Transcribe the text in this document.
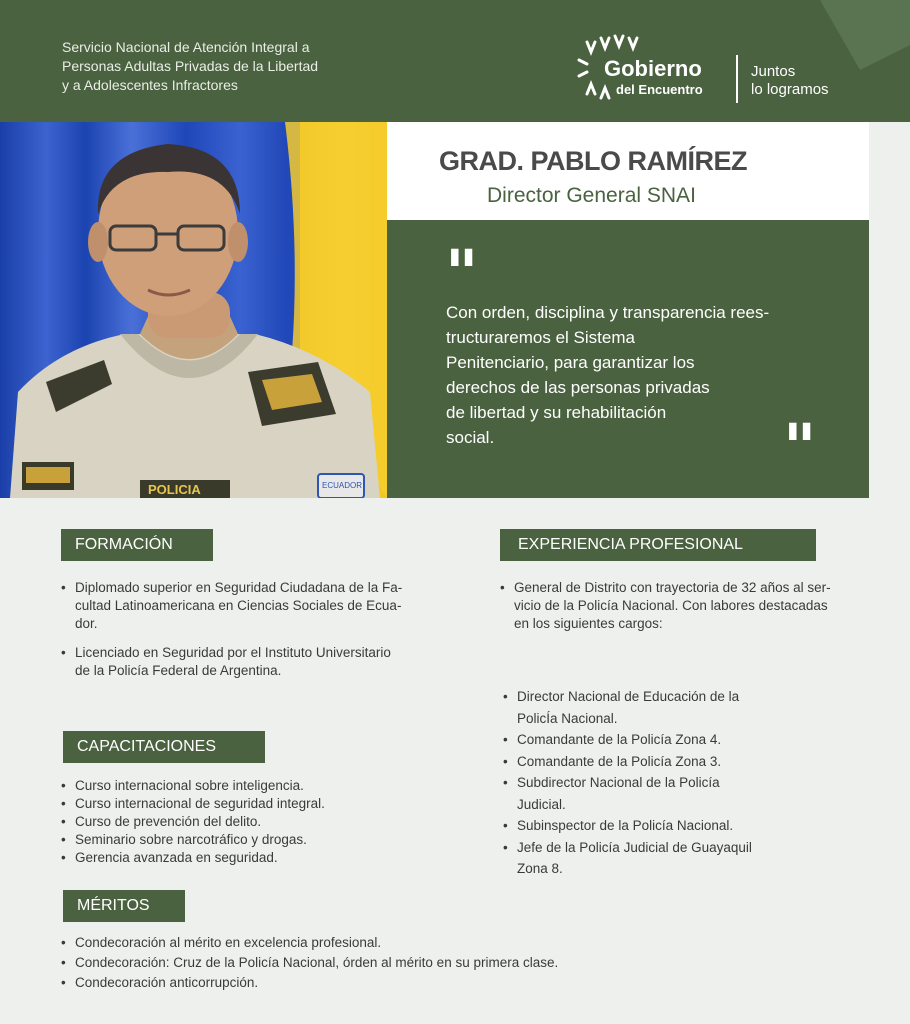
Servicio Nacional de Atención Integral a
Personas Adultas Privadas de la Libertad
y a Adolescentes Infractores
Gobierno
del Encuentro
Juntos
lo logramos
POLICIA	ECUADOR
GRAD. PABLO RAMÍREZ
Director General SNAI
"
Con orden, disciplina y transparencia rees-
tructuraremos el Sistema
Penitenciario, para garantizar los
derechos de las personas privadas
de libertad y su rehabilitación
social.	"
FORMACIÓN
• Diplomado superior en Seguridad Ciudadana de la Fa-
cultad Latinoamericana en Ciencias Sociales de Ecua-
dor.
• Licenciado en Seguridad por el Instituto Universitario
de la Policía Federal de Argentina.
CAPACITACIONES
• Curso internacional sobre inteligencia.
• Curso internacional de seguridad integral.
• Curso de prevención del delito.
• Seminario sobre narcotráfico y drogas.
• Gerencia avanzada en seguridad.
MÉRITOS
• Condecoración al mérito en excelencia profesional.
• Condecoración: Cruz de la Policía Nacional, órden al mérito en su primera clase.
• Condecoración anticorrupción.
EXPERIENCIA PROFESIONAL
• General de Distrito con trayectoria de 32 años al ser-
vicio de la Policía Nacional. Con labores destacadas
en los siguientes cargos:
• Director Nacional de Educación de la
PolicÍa Nacional.
• Comandante de la Policía Zona 4.
• Comandante de la Policía Zona 3.
• Subdirector Nacional de la Policía
Judicial.
• Subinspector de la Policía Nacional.
• Jefe de la Policía Judicial de Guayaquil
Zona 8.
